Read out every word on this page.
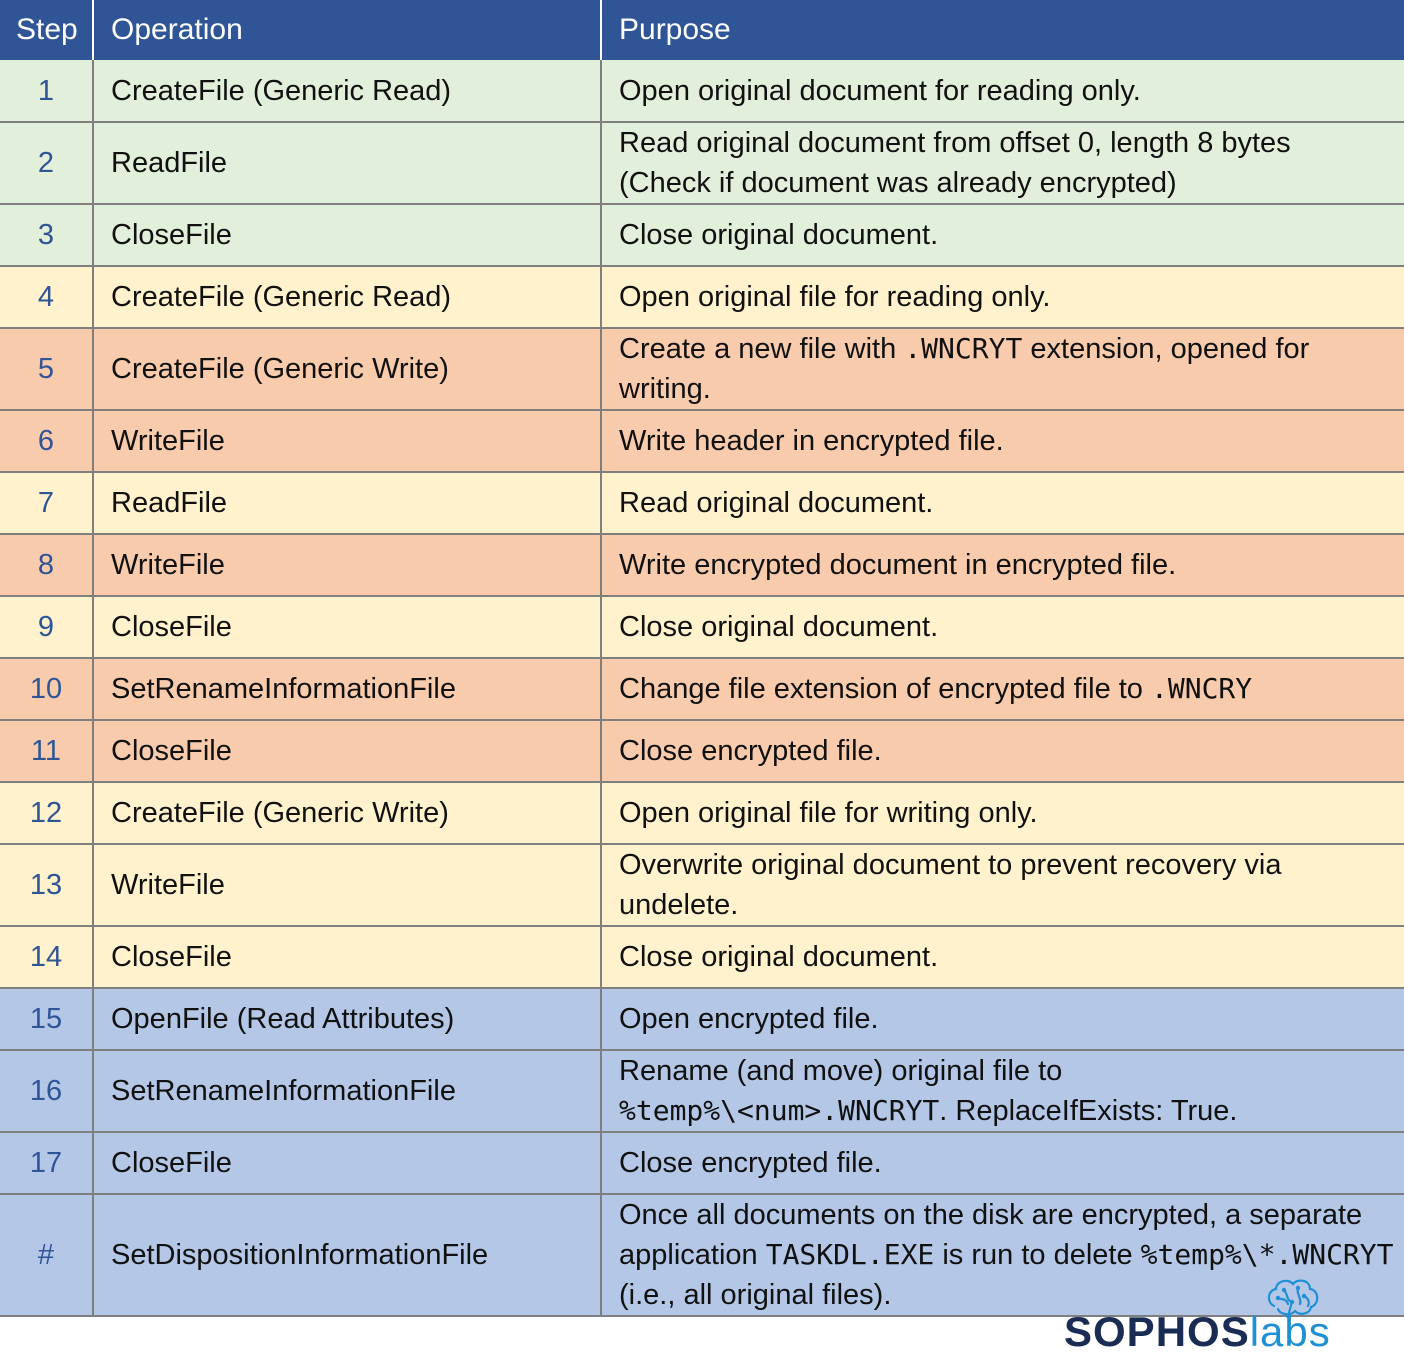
Step	Operation	Purpose
1	CreateFile (Generic Read)	Open original document for reading only.
2	ReadFile	Read original document from offset 0, length 8 bytes
(Check if document was already encrypted)
3	CloseFile	Close original document.
4	CreateFile (Generic Read)	Open original file for reading only.
5	CreateFile (Generic Write)	Create a new file with .WNCRYT extension, opened for writing.
6	WriteFile	Write header in encrypted file.
7	ReadFile	Read original document.
8	WriteFile	Write encrypted document in encrypted file.
9	CloseFile	Close original document.
10	SetRenameInformationFile	Change file extension of encrypted file to .WNCRY
11	CloseFile	Close encrypted file.
12	CreateFile (Generic Write)	Open original file for writing only.
13	WriteFile	Overwrite original document to prevent recovery via undelete.
14	CloseFile	Close original document.
15	OpenFile (Read Attributes)	Open encrypted file.
16	SetRenameInformationFile	Rename (and move) original file to
%temp%\<num>.WNCRYT. ReplaceIfExists: True.
17	CloseFile	Close encrypted file.
#	SetDispositionInformationFile	Once all documents on the disk are encrypted, a separate application TASKDL.EXE is run to delete %temp%\*.WNCRYT (i.e., all original files).
SOPHOSlabs
